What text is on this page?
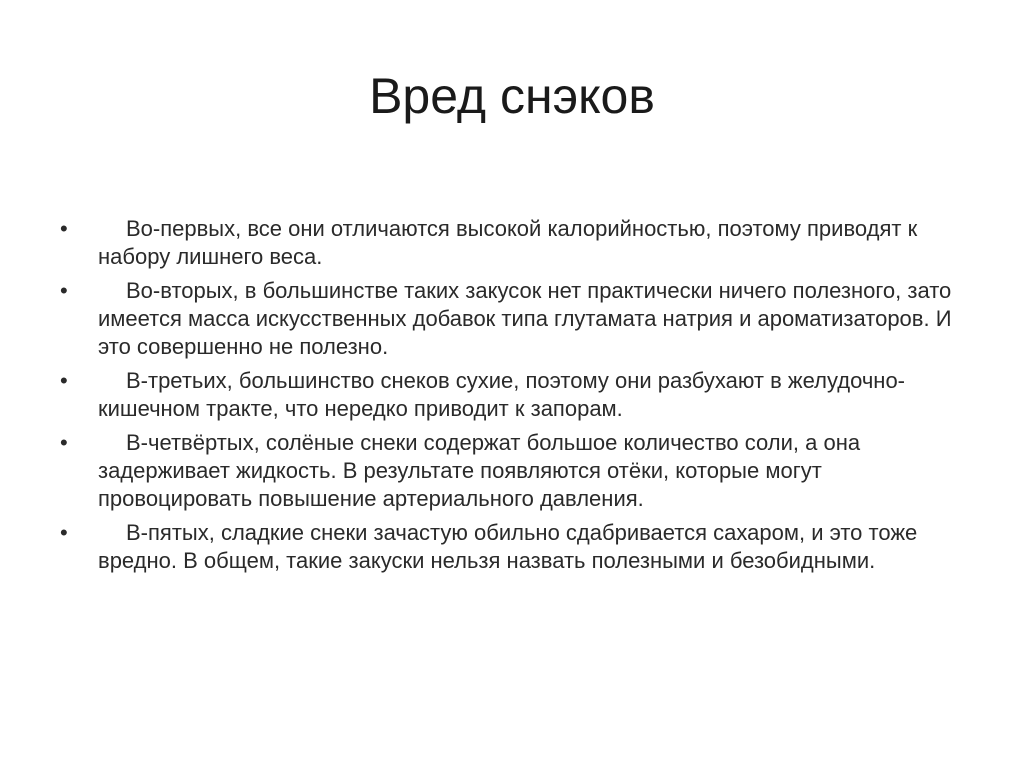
Вред снэков
•	Во-первых, все они отличаются высокой калорийностью, поэтому приводят к набору лишнего веса.
•	Во-вторых, в большинстве таких закусок нет практически ничего полезного, зато имеется масса искусственных добавок типа глутамата натрия и ароматизаторов. И это совершенно не полезно.
•	В-третьих, большинство снеков сухие, поэтому они разбухают в желудочно-кишечном тракте, что нередко приводит к запорам.
•	В-четвёртых, солёные снеки содержат большое количество соли, а она задерживает жидкость. В результате появляются отёки, которые могут провоцировать повышение артериального давления.
•	В-пятых, сладкие снеки зачастую обильно сдабривается сахаром, и это тоже вредно. В общем, такие закуски нельзя назвать полезными и безобидными.
